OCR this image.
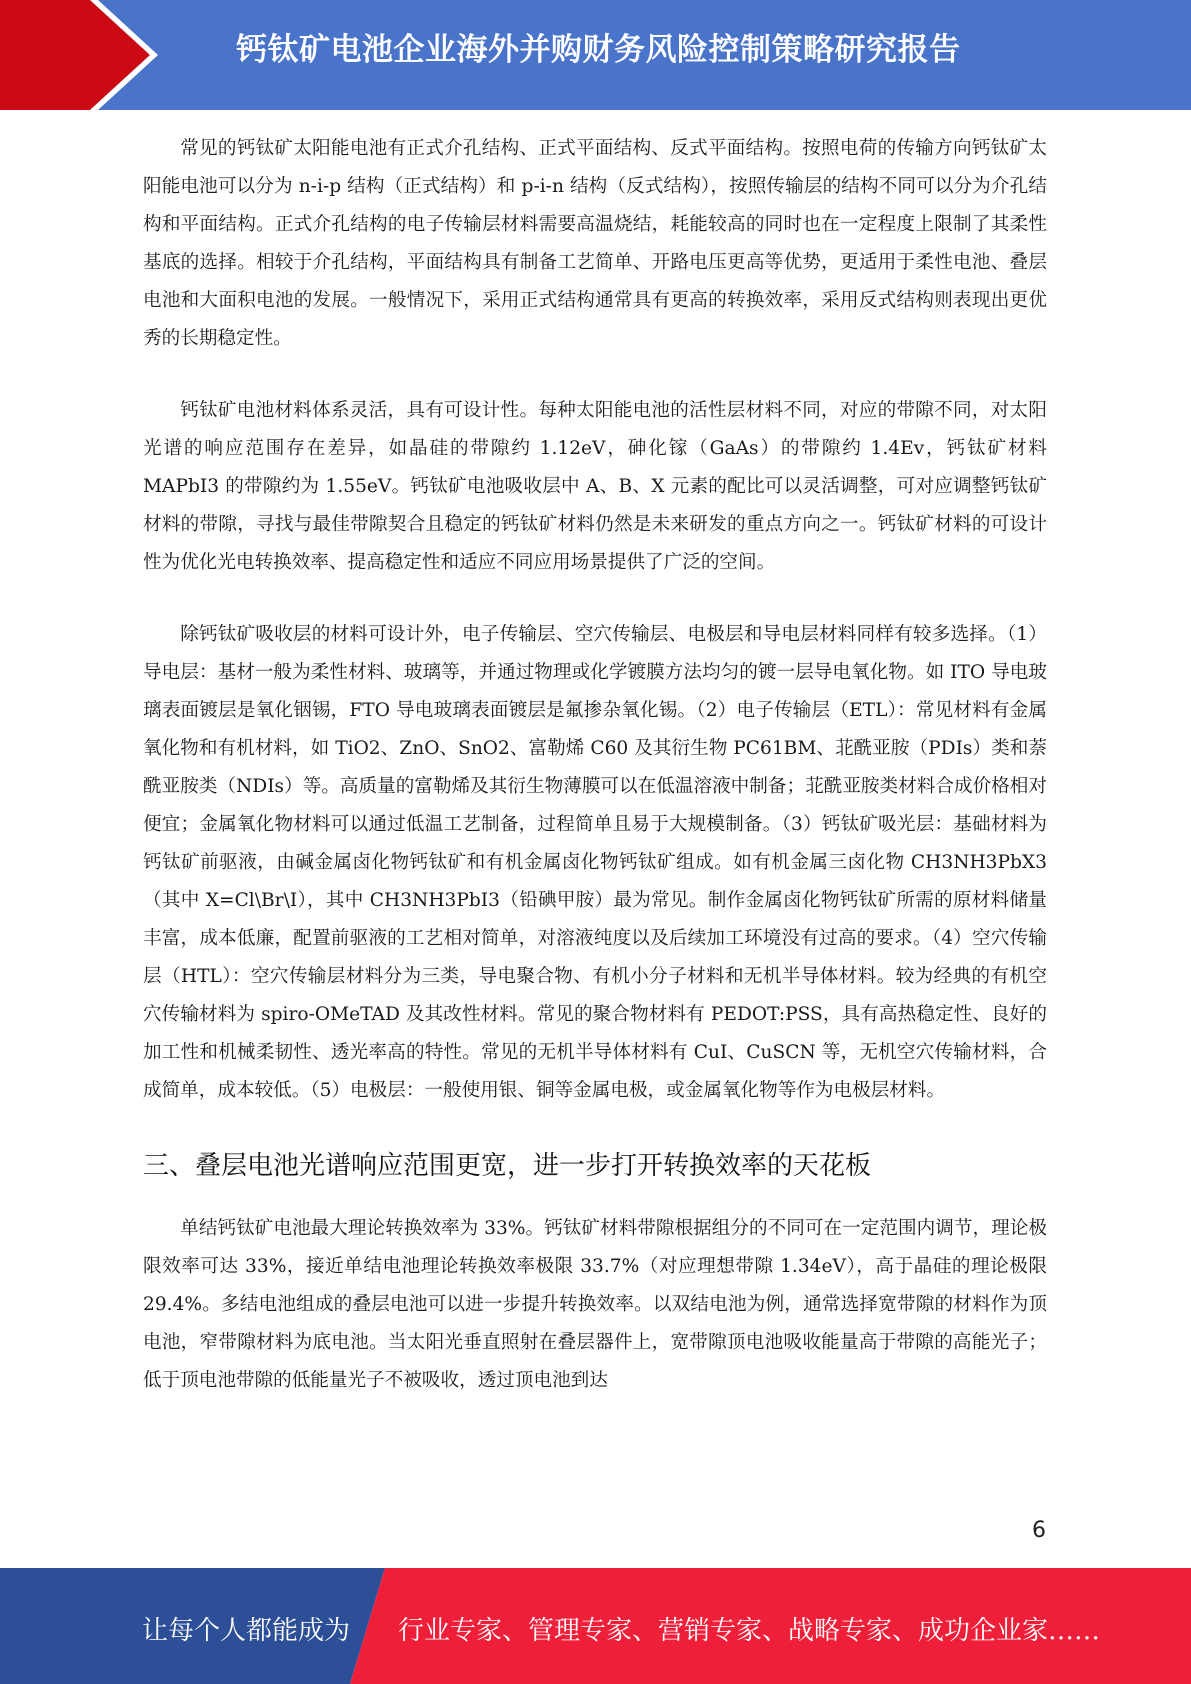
钙钛矿电池企业海外并购财务风险控制策略研究报告

常见的钙钛矿太阳能电池有正式介孔结构、正式平面结构、反式平面结构。按照电荷的传输方向钙钛矿太阳能电池可以分为 n-i-p 结构（正式结构）和 p-i-n 结构（反式结构），按照传输层的结构不同可以分为介孔结构和平面结构。正式介孔结构的电子传输层材料需要高温烧结，耗能较高的同时也在一定程度上限制了其柔性基底的选择。相较于介孔结构，平面结构具有制备工艺简单、开路电压更高等优势，更适用于柔性电池、叠层电池和大面积电池的发展。一般情况下，采用正式结构通常具有更高的转换效率，采用反式结构则表现出更优秀的长期稳定性。

钙钛矿电池材料体系灵活，具有可设计性。每种太阳能电池的活性层材料不同，对应的带隙不同，对太阳光谱的响应范围存在差异，如晶硅的带隙约 1.12eV，砷化镓（GaAs）的带隙约 1.4Ev，钙钛矿材料 MAPbI3 的带隙约为 1.55eV。钙钛矿电池吸收层中 A、B、X 元素的配比可以灵活调整，可对应调整钙钛矿材料的带隙，寻找与最佳带隙契合且稳定的钙钛矿材料仍然是未来研发的重点方向之一。钙钛矿材料的可设计性为优化光电转换效率、提高稳定性和适应不同应用场景提供了广泛的空间。

除钙钛矿吸收层的材料可设计外，电子传输层、空穴传输层、电极层和导电层材料同样有较多选择。（1）导电层：基材一般为柔性材料、玻璃等，并通过物理或化学镀膜方法均匀的镀一层导电氧化物。如 ITO 导电玻璃表面镀层是氧化铟锡，FTO 导电玻璃表面镀层是氟掺杂氧化锡。（2）电子传输层（ETL）：常见材料有金属氧化物和有机材料，如 TiO2、ZnO、SnO2、富勒烯 C60 及其衍生物 PC61BM、苝酰亚胺（PDIs）类和萘酰亚胺类（NDIs）等。高质量的富勒烯及其衍生物薄膜可以在低温溶液中制备；苝酰亚胺类材料合成价格相对便宜；金属氧化物材料可以通过低温工艺制备，过程简单且易于大规模制备。（3）钙钛矿吸光层：基础材料为钙钛矿前驱液，由碱金属卤化物钙钛矿和有机金属卤化物钙钛矿组成。如有机金属三卤化物 CH3NH3PbX3（其中 X=Cl\Br\I），其中 CH3NH3PbI3（铅碘甲胺）最为常见。制作金属卤化物钙钛矿所需的原材料储量丰富，成本低廉，配置前驱液的工艺相对简单，对溶液纯度以及后续加工环境没有过高的要求。（4）空穴传输层（HTL）：空穴传输层材料分为三类，导电聚合物、有机小分子材料和无机半导体材料。较为经典的有机空穴传输材料为 spiro-OMeTAD 及其改性材料。常见的聚合物材料有 PEDOT:PSS，具有高热稳定性、良好的加工性和机械柔韧性、透光率高的特性。常见的无机半导体材料有 CuI、CuSCN 等，无机空穴传输材料，合成简单，成本较低。（5）电极层：一般使用银、铜等金属电极，或金属氧化物等作为电极层材料。

三、叠层电池光谱响应范围更宽，进一步打开转换效率的天花板

单结钙钛矿电池最大理论转换效率为 33%。钙钛矿材料带隙根据组分的不同可在一定范围内调节，理论极限效率可达 33%，接近单结电池理论转换效率极限 33.7%（对应理想带隙 1.34eV），高于晶硅的理论极限 29.4%。多结电池组成的叠层电池可以进一步提升转换效率。以双结电池为例，通常选择宽带隙的材料作为顶电池，窄带隙材料为底电池。当太阳光垂直照射在叠层器件上，宽带隙顶电池吸收能量高于带隙的高能光子；低于顶电池带隙的低能量光子不被吸收，透过顶电池到达

6
让每个人都能成为 行业专家、管理专家、营销专家、战略专家、成功企业家……
